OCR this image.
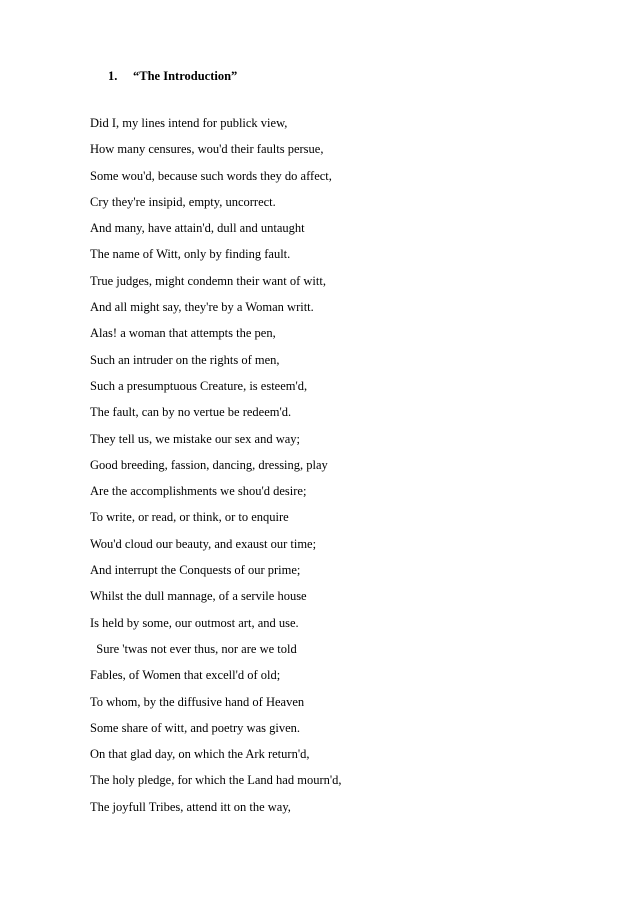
1. “The Introduction”
Did I, my lines intend for publick view,
How many censures, wou'd their faults persue,
Some wou'd, because such words they do affect,
Cry they're insipid, empty, uncorrect.
And many, have attain'd, dull and untaught
The name of Witt, only by finding fault.
True judges, might condemn their want of witt,
And all might say, they're by a Woman writt.
Alas! a woman that attempts the pen,
Such an intruder on the rights of men,
Such a presumptuous Creature, is esteem'd,
The fault, can by no vertue be redeem'd.
They tell us, we mistake our sex and way;
Good breeding, fassion, dancing, dressing, play
Are the accomplishments we shou'd desire;
To write, or read, or think, or to enquire
Wou'd cloud our beauty, and exaust our time;
And interrupt the Conquests of our prime;
Whilst the dull mannage, of a servile house
Is held by some, our outmost art, and use.
Sure 'twas not ever thus, nor are we told
Fables, of Women that excell'd of old;
To whom, by the diffusive hand of Heaven
Some share of witt, and poetry was given.
On that glad day, on which the Ark return'd,
The holy pledge, for which the Land had mourn'd,
The joyfull Tribes, attend itt on the way,
